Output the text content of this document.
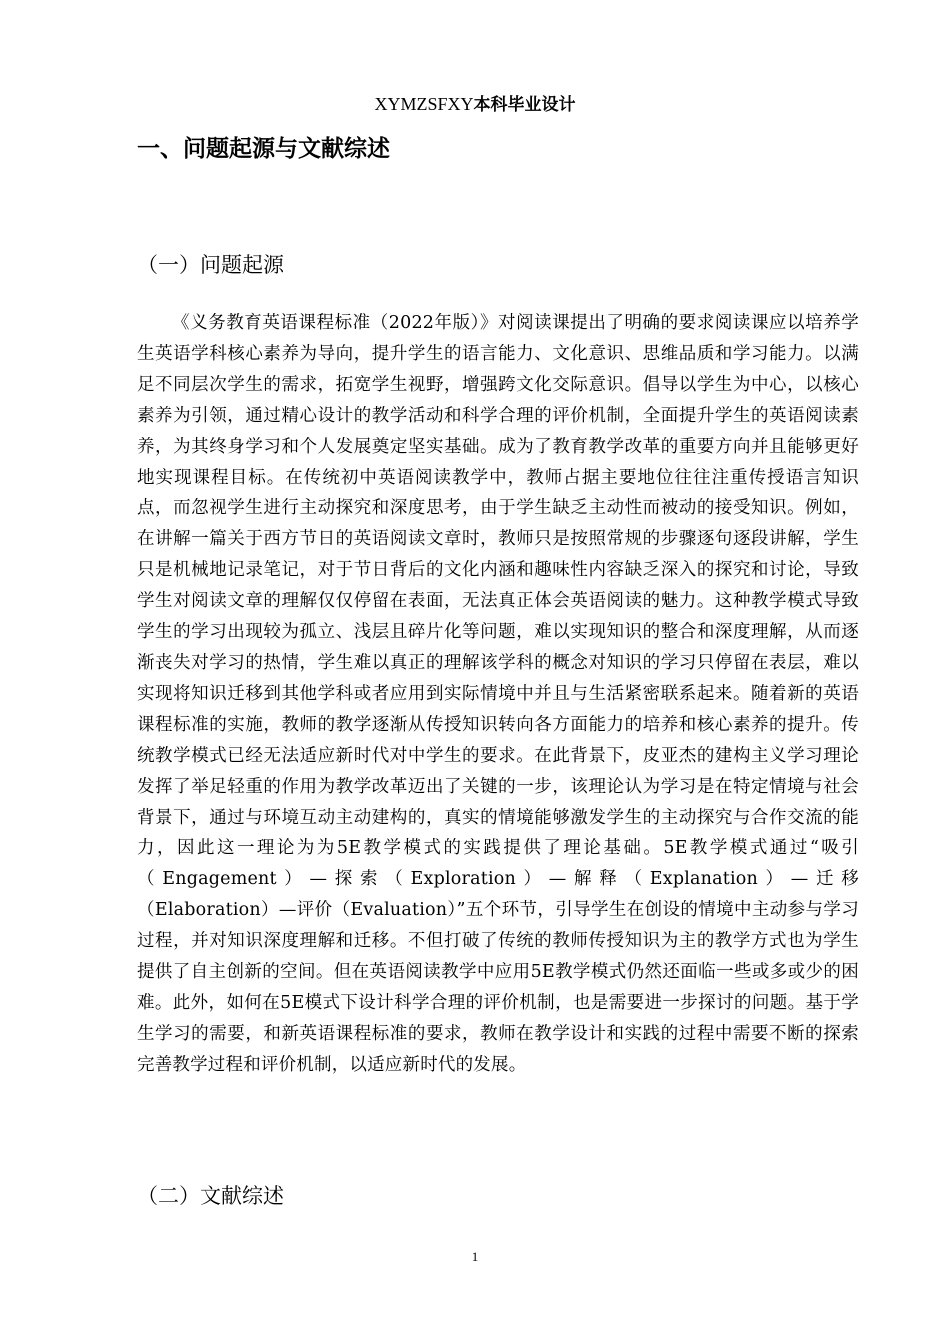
XYMZSFXY本科毕业设计
一、问题起源与文献综述
（一）问题起源

《义务教育英语课程标准（2022年版）》对阅读课提出了明确的要求阅读课应以培养学生英语学科核心素养为导向，提升学生的语言能力、文化意识、思维品质和学习能力。以满足不同层次学生的需求，拓宽学生视野，增强跨文化交际意识。倡导以学生为中心，以核心素养为引领，通过精心设计的教学活动和科学合理的评价机制，全面提升学生的英语阅读素养，为其终身学习和个人发展奠定坚实基础。成为了教育教学改革的重要方向并且能够更好地实现课程目标。在传统初中英语阅读教学中，教师占据主要地位往往注重传授语言知识点，而忽视学生进行主动探究和深度思考，由于学生缺乏主动性而被动的接受知识。例如，在讲解一篇关于西方节日的英语阅读文章时，教师只是按照常规的步骤逐句逐段讲解，学生只是机械地记录笔记，对于节日背后的文化内涵和趣味性内容缺乏深入的探究和讨论，导致学生对阅读文章的理解仅仅停留在表面，无法真正体会英语阅读的魅力。这种教学模式导致学生的学习出现较为孤立、浅层且碎片化等问题，难以实现知识的整合和深度理解，从而逐渐丧失对学习的热情，学生难以真正的理解该学科的概念对知识的学习只停留在表层，难以实现将知识迁移到其他学科或者应用到实际情境中并且与生活紧密联系起来。随着新的英语课程标准的实施，教师的教学逐渐从传授知识转向各方面能力的培养和核心素养的提升。传统教学模式已经无法适应新时代对中学生的要求。在此背景下，皮亚杰的建构主义学习理论发挥了举足轻重的作用为教学改革迈出了关键的一步，该理论认为学习是在特定情境与社会背景下，通过与环境互动主动建构的，真实的情境能够激发学生的主动探究与合作交流的能力，因此这一理论为为5E教学模式的实践提供了理论基础。5E教学模式通过“吸引（Engagement）—探索（Exploration）—解释（Explanation）—迁移（Elaboration）—评价（Evaluation）”五个环节，引导学生在创设的情境中主动参与学习过程，并对知识深度理解和迁移。不但打破了传统的教师传授知识为主的教学方式也为学生提供了自主创新的空间。但在英语阅读教学中应用5E教学模式仍然还面临一些或多或少的困难。此外，如何在5E模式下设计科学合理的评价机制，也是需要进一步探讨的问题。基于学生学习的需要，和新英语课程标准的要求，教师在教学设计和实践的过程中需要不断的探索完善教学过程和评价机制，以适应新时代的发展。

（二）文献综述
1
